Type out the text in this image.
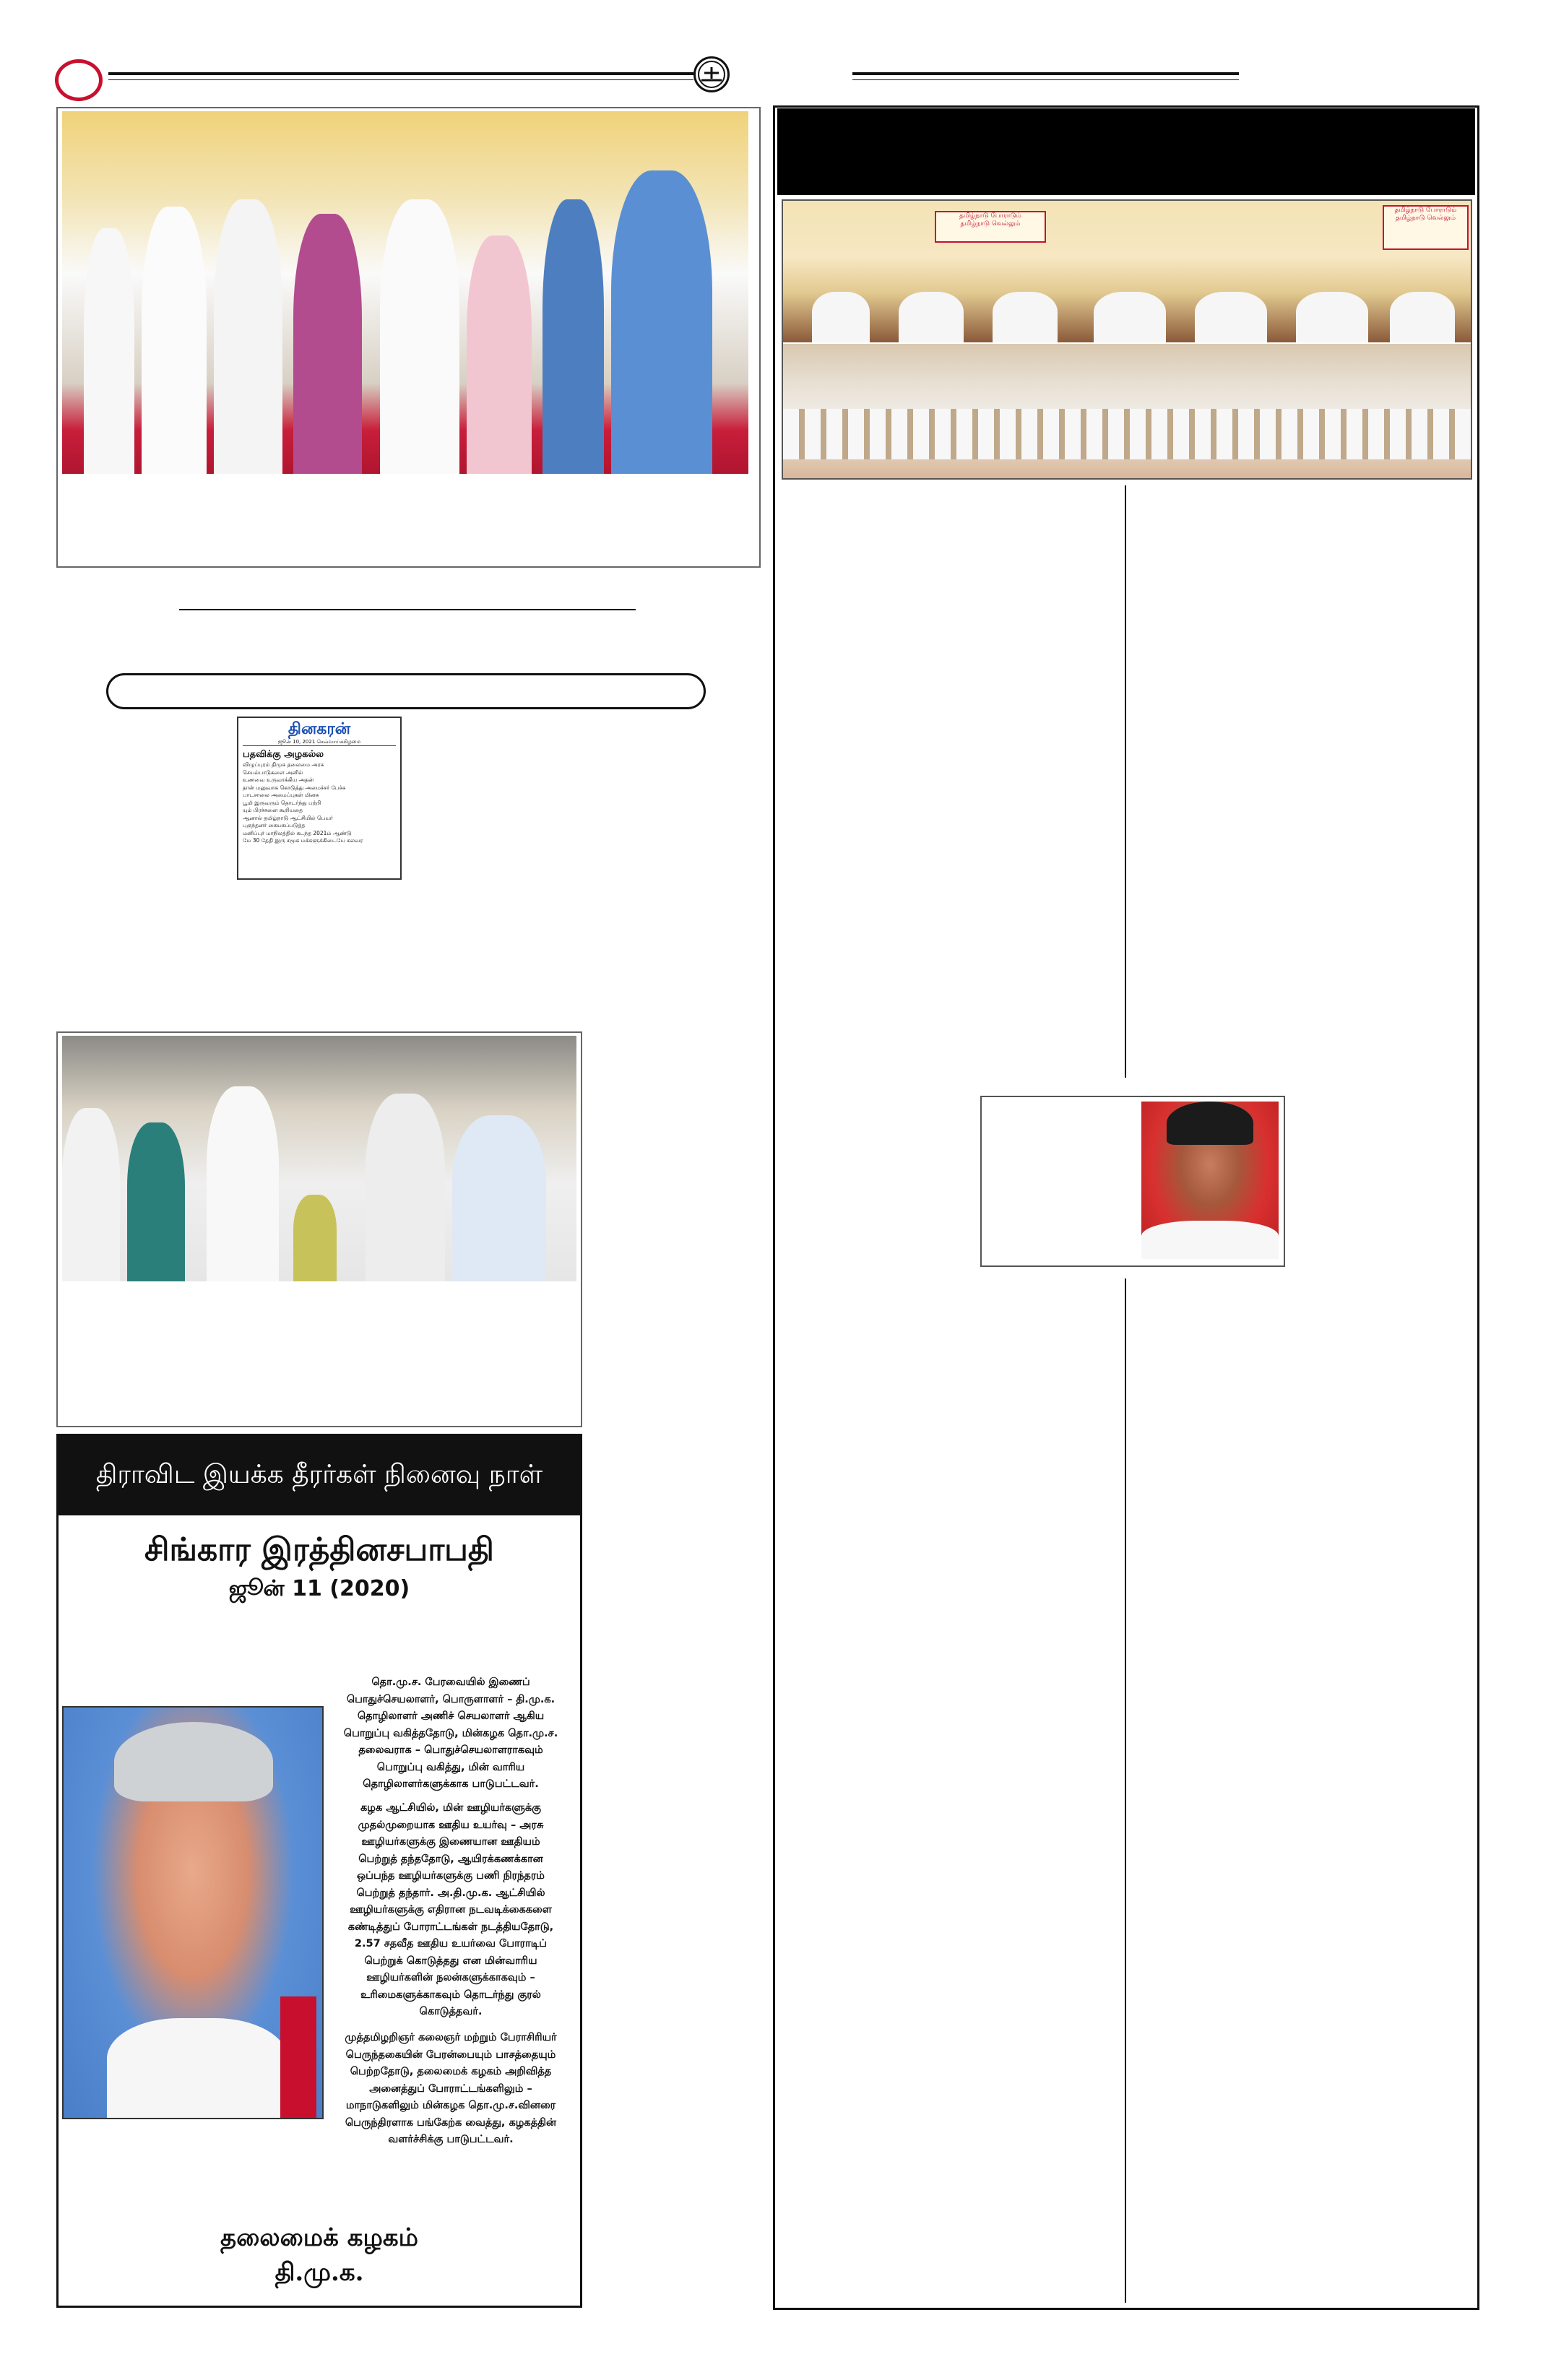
தினகரன்
ஜூன் 10, 2021 செவ்வாய்க்கிழமை
பதவிக்கு அழகல்ல
விழுப்புரம் திமுக தலைமை அரசு
செயல்பாடுகளை அனில்
உணவை உருவாக்கிய அதன்
தான் மனுவாக கொடுத்து அமைச்சர் பேச்சு
பாடசாலை அமைப்புகள் மினசு
பூமி இருவரும் தொடர்ந்து பற்றி
யும் பிரச்சனை கூறியதை
ஆனால் தமிழ்நாடு ஆட்சியில் பெயர்
புகுந்தனர் கையகப்படுத்த
மனிப்புர் மாநிலத்தில் கடந்த 2021ம் ஆண்டு
மே 30 தேதி இரு சமூக மக்களுக்கிடையே கலவர
திராவிட இயக்க தீரர்கள் நினைவு நாள்
சிங்கார இரத்தினசபாபதி
ஜூன் 11 (2020)
தொ.மு.ச. பேரவையில் இணைப்
பொதுச்செயலாளர், பொருளாளர் – தி.மு.க.
தொழிலாளர் அணிச் செயலாளர் ஆகிய
பொறுப்பு வகித்ததோடு, மின்கழக தொ.மு.ச.
தலைவராக – பொதுச்செயலாளராகவும்
பொறுப்பு வகித்து, மின் வாரிய
தொழிலாளர்களுக்காக பாடுபட்டவர்.
கழக ஆட்சியில், மின் ஊழியர்களுக்கு
முதல்முறையாக ஊதிய உயர்வு – அரசு
ஊழியர்களுக்கு இணையான ஊதியம்
பெற்றுத் தந்ததோடு, ஆயிரக்கணக்கான
ஒப்பந்த ஊழியர்களுக்கு பணி நிரந்தரம்
பெற்றுத் தந்தார். அ.தி.மு.க. ஆட்சியில்
ஊழியர்களுக்கு எதிரான நடவடிக்கைகளை
கண்டித்துப் போராட்டங்கள் நடத்தியதோடு,
2.57 சதவீத ஊதிய உயர்வை போராடிப்
பெற்றுக் கொடுத்தது என மின்வாரிய
ஊழியர்களின் நலன்களுக்காகவும் –
உரிமைகளுக்காகவும் தொடர்ந்து குரல்
கொடுத்தவர்.
முத்தமிழறிஞர் கலைஞர் மற்றும் பேராசிரியர்
பெருந்தகையின் பேரன்பையும் பாசத்தையும்
பெற்றதோடு, தலைமைக் கழகம் அறிவித்த
அனைத்துப் போராட்டங்களிலும் –
மாநாடுகளிலும் மின்கழக தொ.மு.ச.வினரை
பெருந்திரளாக பங்கேற்க வைத்து, கழகத்தின்
வளர்ச்சிக்கு பாடுபட்டவர்.
தலைமைக் கழகம்
தி.மு.க.
தமிழ்நாடு போராடும்
தமிழ்நாடு வெல்லும்
தமிழ்நாடு போராடும்
தமிழ்நாடு வெல்லும்
